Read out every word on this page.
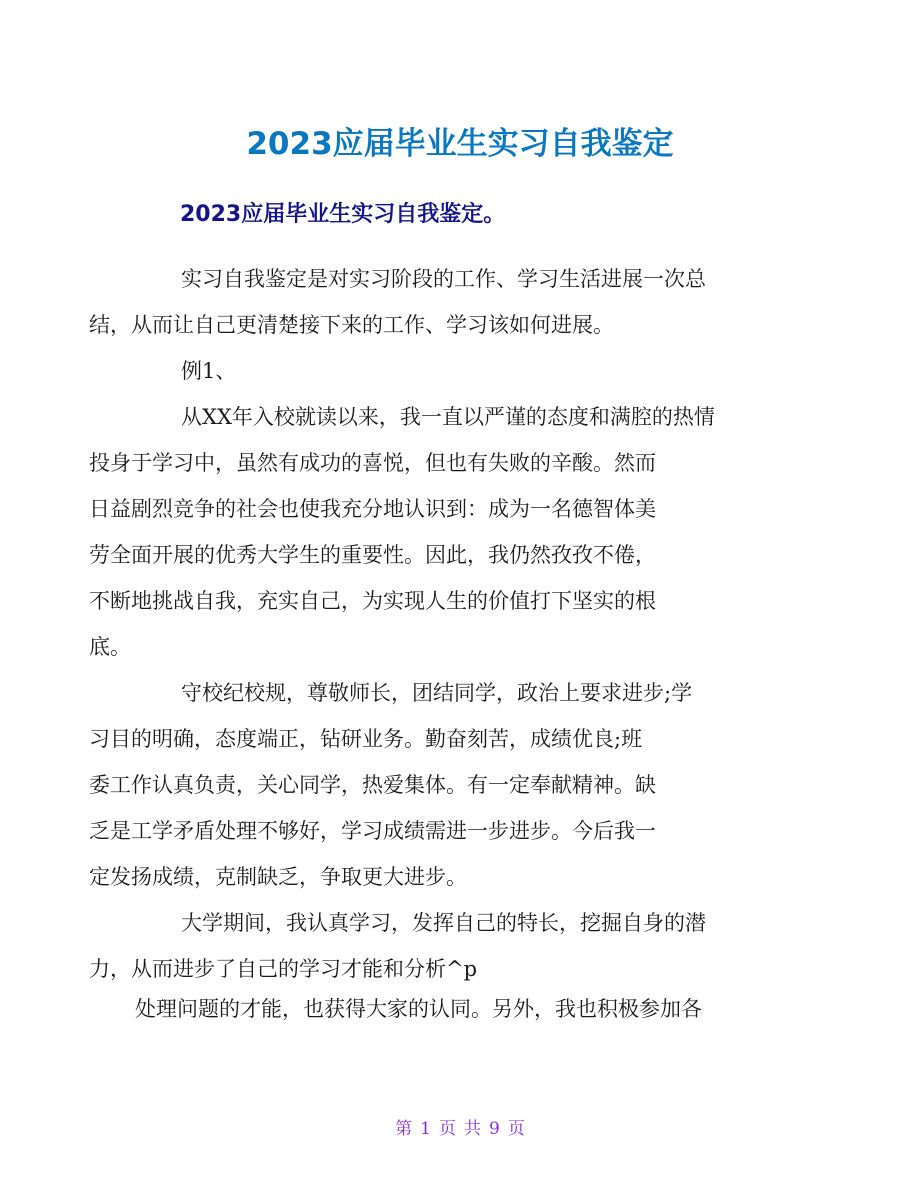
2023应届毕业生实习自我鉴定
2023应届毕业生实习自我鉴定。

实习自我鉴定是对实习阶段的工作、学习生活进展一次总
结，从而让自己更清楚接下来的工作、学习该如何进展。

例1、

从XX年入校就读以来，我一直以严谨的态度和满腔的热情
投身于学习中，虽然有成功的喜悦，但也有失败的辛酸。然而
日益剧烈竞争的社会也使我充分地认识到：成为一名德智体美
劳全面开展的优秀大学生的重要性。因此，我仍然孜孜不倦，
不断地挑战自我，充实自己，为实现人生的价值打下坚实的根
底。

守校纪校规，尊敬师长，团结同学，政治上要求进步;学
习目的明确，态度端正，钻研业务。勤奋刻苦，成绩优良;班
委工作认真负责，关心同学，热爱集体。有一定奉献精神。缺
乏是工学矛盾处理不够好，学习成绩需进一步进步。今后我一
定发扬成绩，克制缺乏，争取更大进步。

大学期间，我认真学习，发挥自己的特长，挖掘自身的潜
力，从而进步了自己的学习才能和分析^p

处理问题的才能，也获得大家的认同。另外，我也积极参加各

第 1 页 共 9 页
